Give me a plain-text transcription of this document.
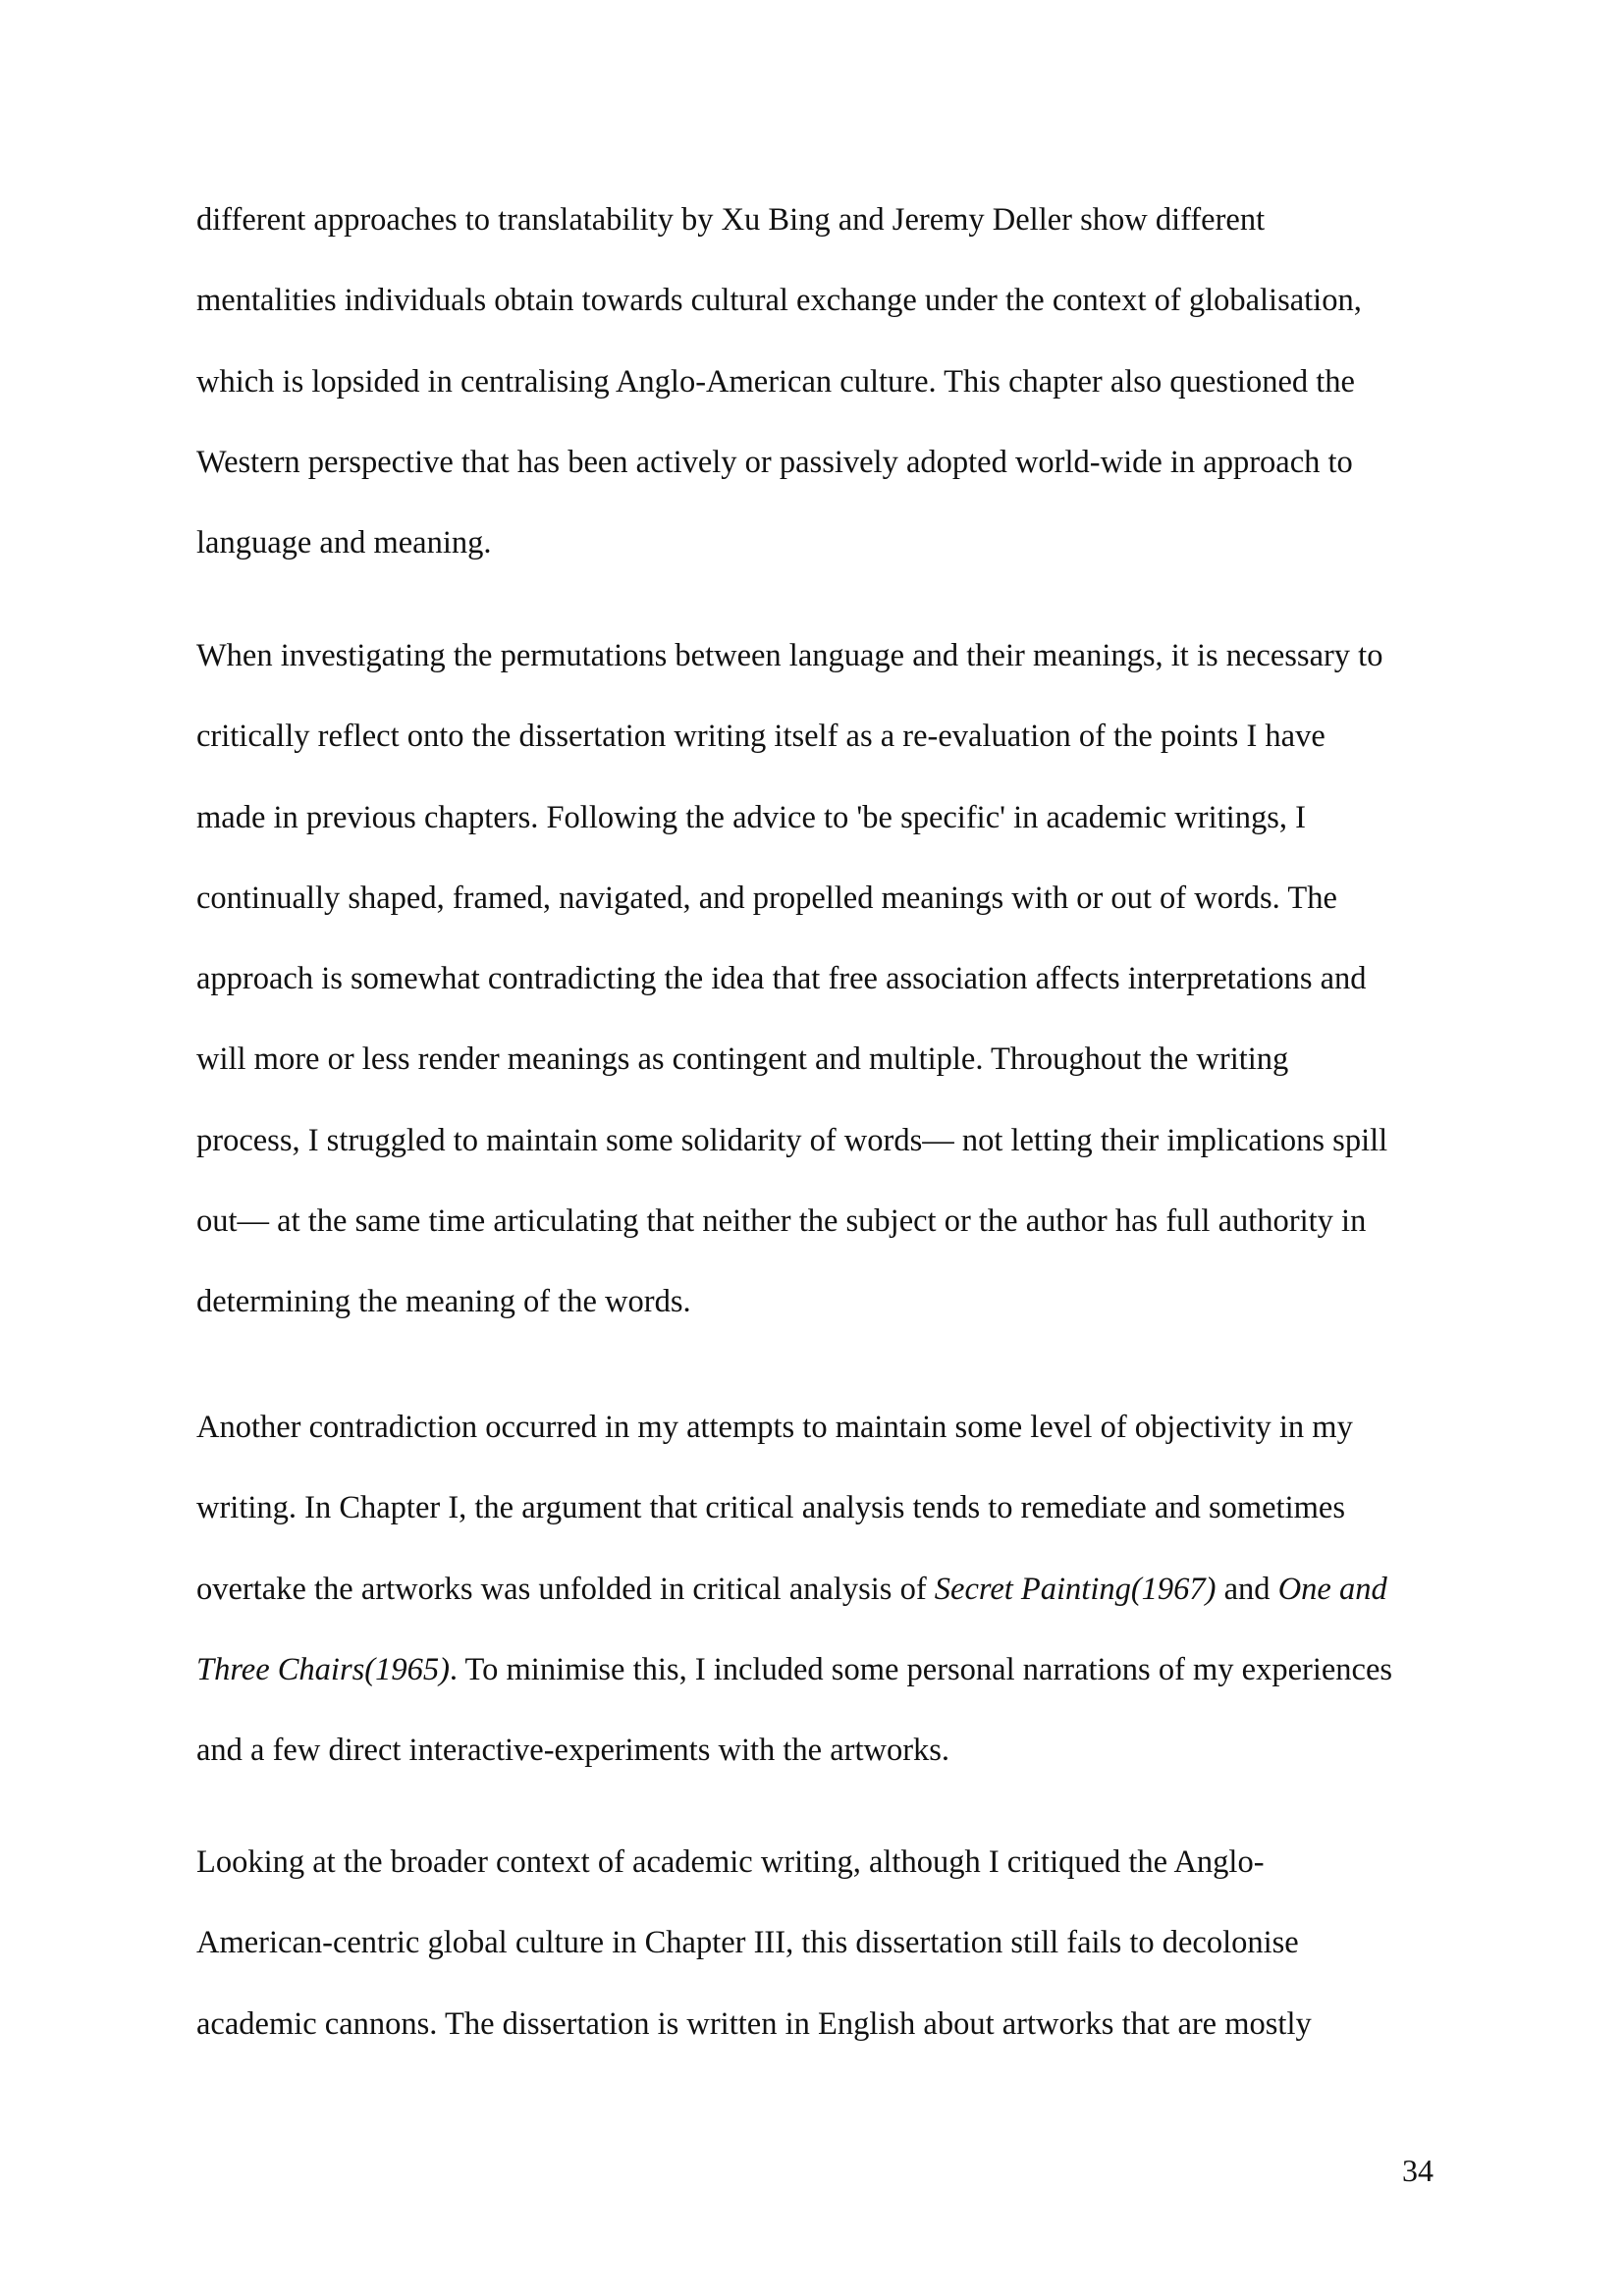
different approaches to translatability by Xu Bing and Jeremy Deller show different
mentalities individuals obtain towards cultural exchange under the context of globalisation,
which is lopsided in centralising Anglo-American culture. This chapter also questioned the
Western perspective that has been actively or passively adopted world-wide in approach to
language and meaning.
When investigating the permutations between language and their meanings, it is necessary to
critically reflect onto the dissertation writing itself as a re-evaluation of the points I have
made in previous chapters. Following the advice to 'be specific' in academic writings, I
continually shaped, framed, navigated, and propelled meanings with or out of words. The
approach is somewhat contradicting the idea that free association affects interpretations and
will more or less render meanings as contingent and multiple. Throughout the writing
process, I struggled to maintain some solidarity of words— not letting their implications spill
out— at the same time articulating that neither the subject or the author has full authority in
determining the meaning of the words.
Another contradiction occurred in my attempts to maintain some level of objectivity in my
writing. In Chapter I, the argument that critical analysis tends to remediate and sometimes
overtake the artworks was unfolded in critical analysis of Secret Painting(1967) and One and
Three Chairs(1965). To minimise this, I included some personal narrations of my experiences
and a few direct interactive-experiments with the artworks.
Looking at the broader context of academic writing, although I critiqued the Anglo-
American-centric global culture in Chapter III, this dissertation still fails to decolonise
academic cannons. The dissertation is written in English about artworks that are mostly
34
